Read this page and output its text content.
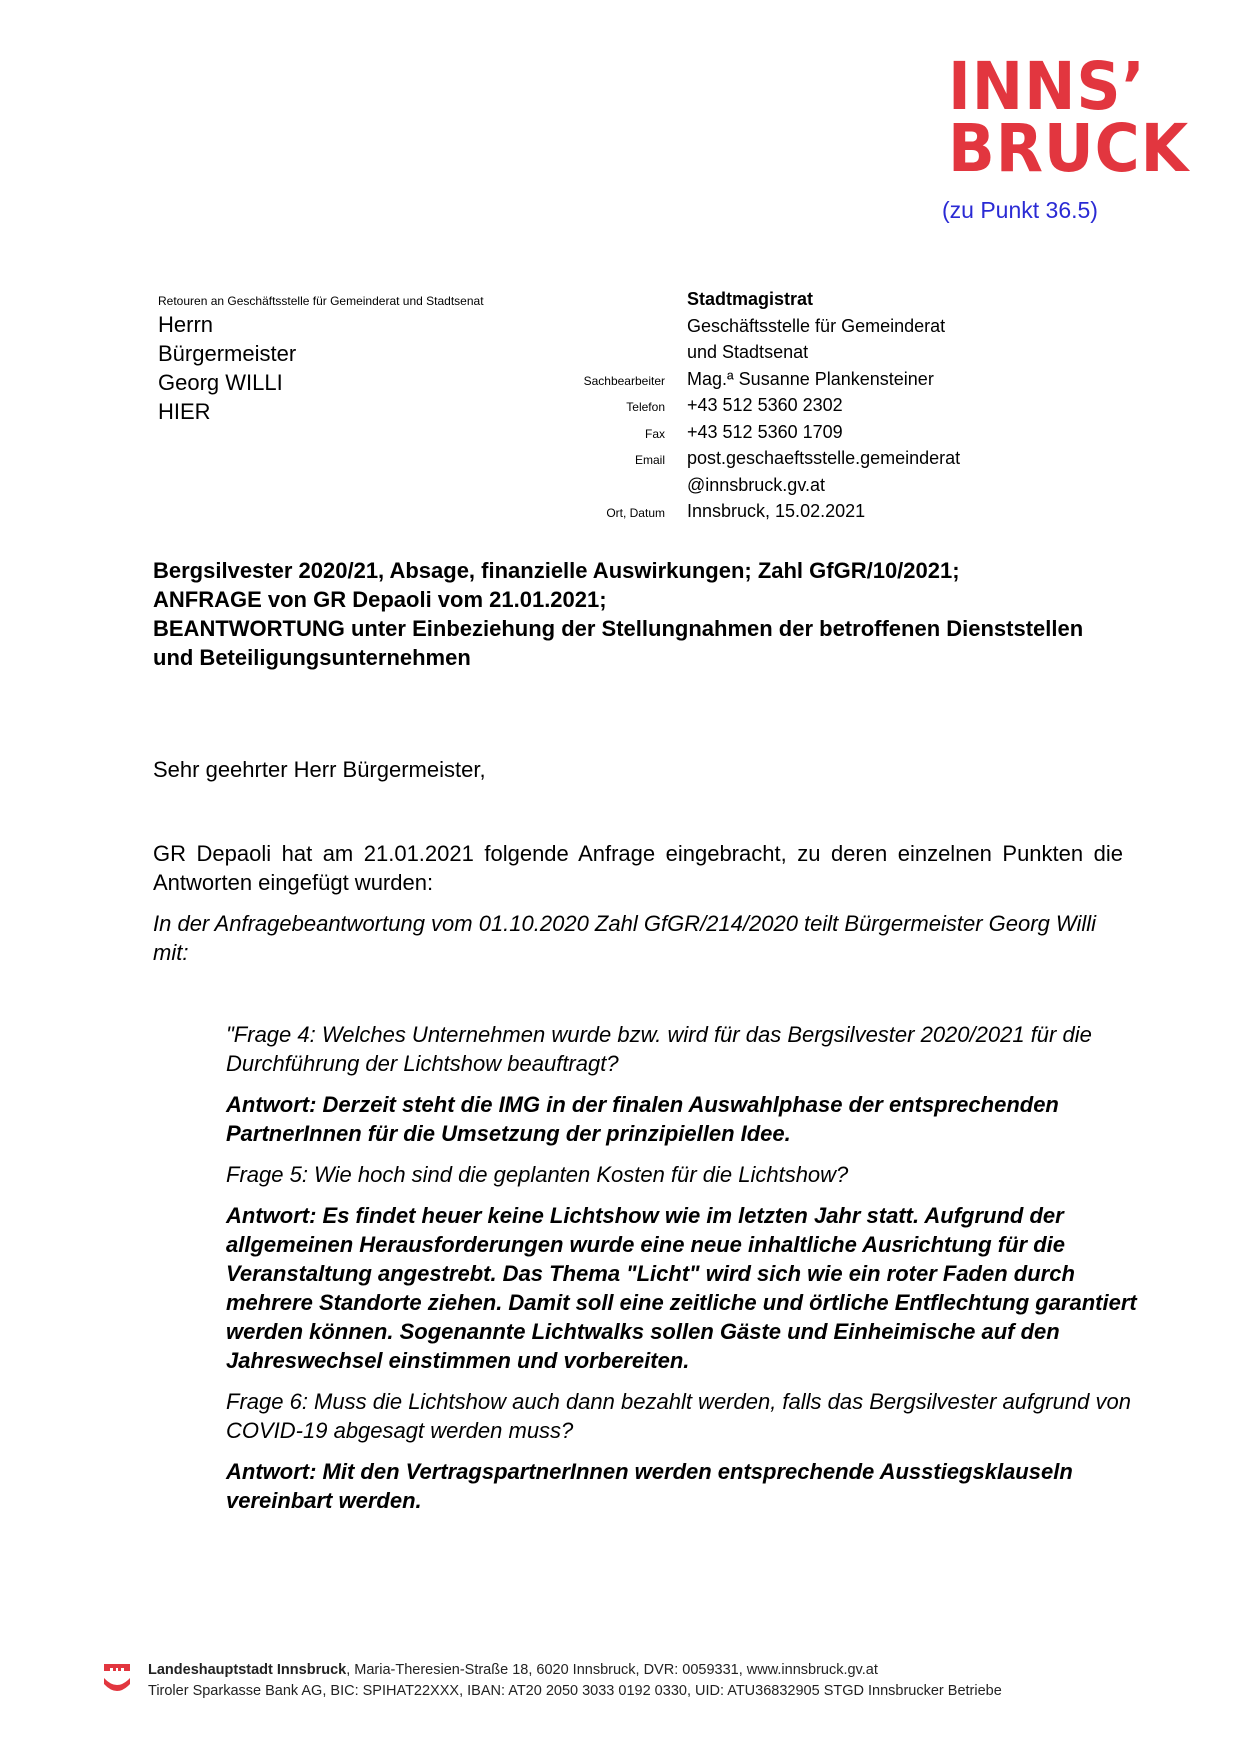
INNS’
BRUCK
(zu Punkt 36.5)
Retouren an Geschäftsstelle für Gemeinderat und Stadtsenat
Herrn
Bürgermeister
Georg WILLI
HIER
Stadtmagistrat
Geschäftsstelle für Gemeinderat
und Stadtsenat
Sachbearbeiter	Mag.ª Susanne Plankensteiner
Telefon	+43 512 5360 2302
Fax	+43 512 5360 1709
Email	post.geschaeftsstelle.gemeinderat
@innsbruck.gv.at
Ort, Datum	Innsbruck, 15.02.2021
Bergsilvester 2020/21, Absage, finanzielle Auswirkungen; Zahl GfGR/10/2021;
ANFRAGE von GR Depaoli vom 21.01.2021;
BEANTWORTUNG unter Einbeziehung der Stellungnahmen der betroffenen Dienststellen
und Beteiligungsunternehmen
Sehr geehrter Herr Bürgermeister,
GR Depaoli hat am 21.01.2021 folgende Anfrage eingebracht, zu deren einzelnen Punkten die Antworten eingefügt wurden:
In der Anfragebeantwortung vom 01.10.2020 Zahl GfGR/214/2020 teilt Bürgermeister Georg Willi mit:

"Frage 4: Welches Unternehmen wurde bzw. wird für das Bergsilvester 2020/2021 für die Durchführung der Lichtshow beauftragt?

Antwort: Derzeit steht die IMG in der finalen Auswahlphase der entsprechenden PartnerInnen für die Umsetzung der prinzipiellen Idee.

Frage 5: Wie hoch sind die geplanten Kosten für die Lichtshow?

Antwort: Es findet heuer keine Lichtshow wie im letzten Jahr statt. Aufgrund der allgemeinen Herausforderungen wurde eine neue inhaltliche Ausrichtung für die Veranstaltung angestrebt. Das Thema "Licht" wird sich wie ein roter Faden durch mehrere Standorte ziehen. Damit soll eine zeitliche und örtliche Entflechtung garantiert werden können. Sogenannte Lichtwalks sollen Gäste und Einheimische auf den Jahreswechsel einstimmen und vorbereiten.

Frage 6: Muss die Lichtshow auch dann bezahlt werden, falls das Bergsilvester aufgrund von COVID-19 abgesagt werden muss?

Antwort: Mit den VertragspartnerInnen werden entsprechende Ausstiegsklauseln vereinbart werden.

Landeshauptstadt Innsbruck, Maria-Theresien-Straße 18, 6020 Innsbruck, DVR: 0059331, www.innsbruck.gv.at
Tiroler Sparkasse Bank AG, BIC: SPIHAT22XXX, IBAN: AT20 2050 3033 0192 0330, UID: ATU36832905 STGD Innsbrucker Betriebe
